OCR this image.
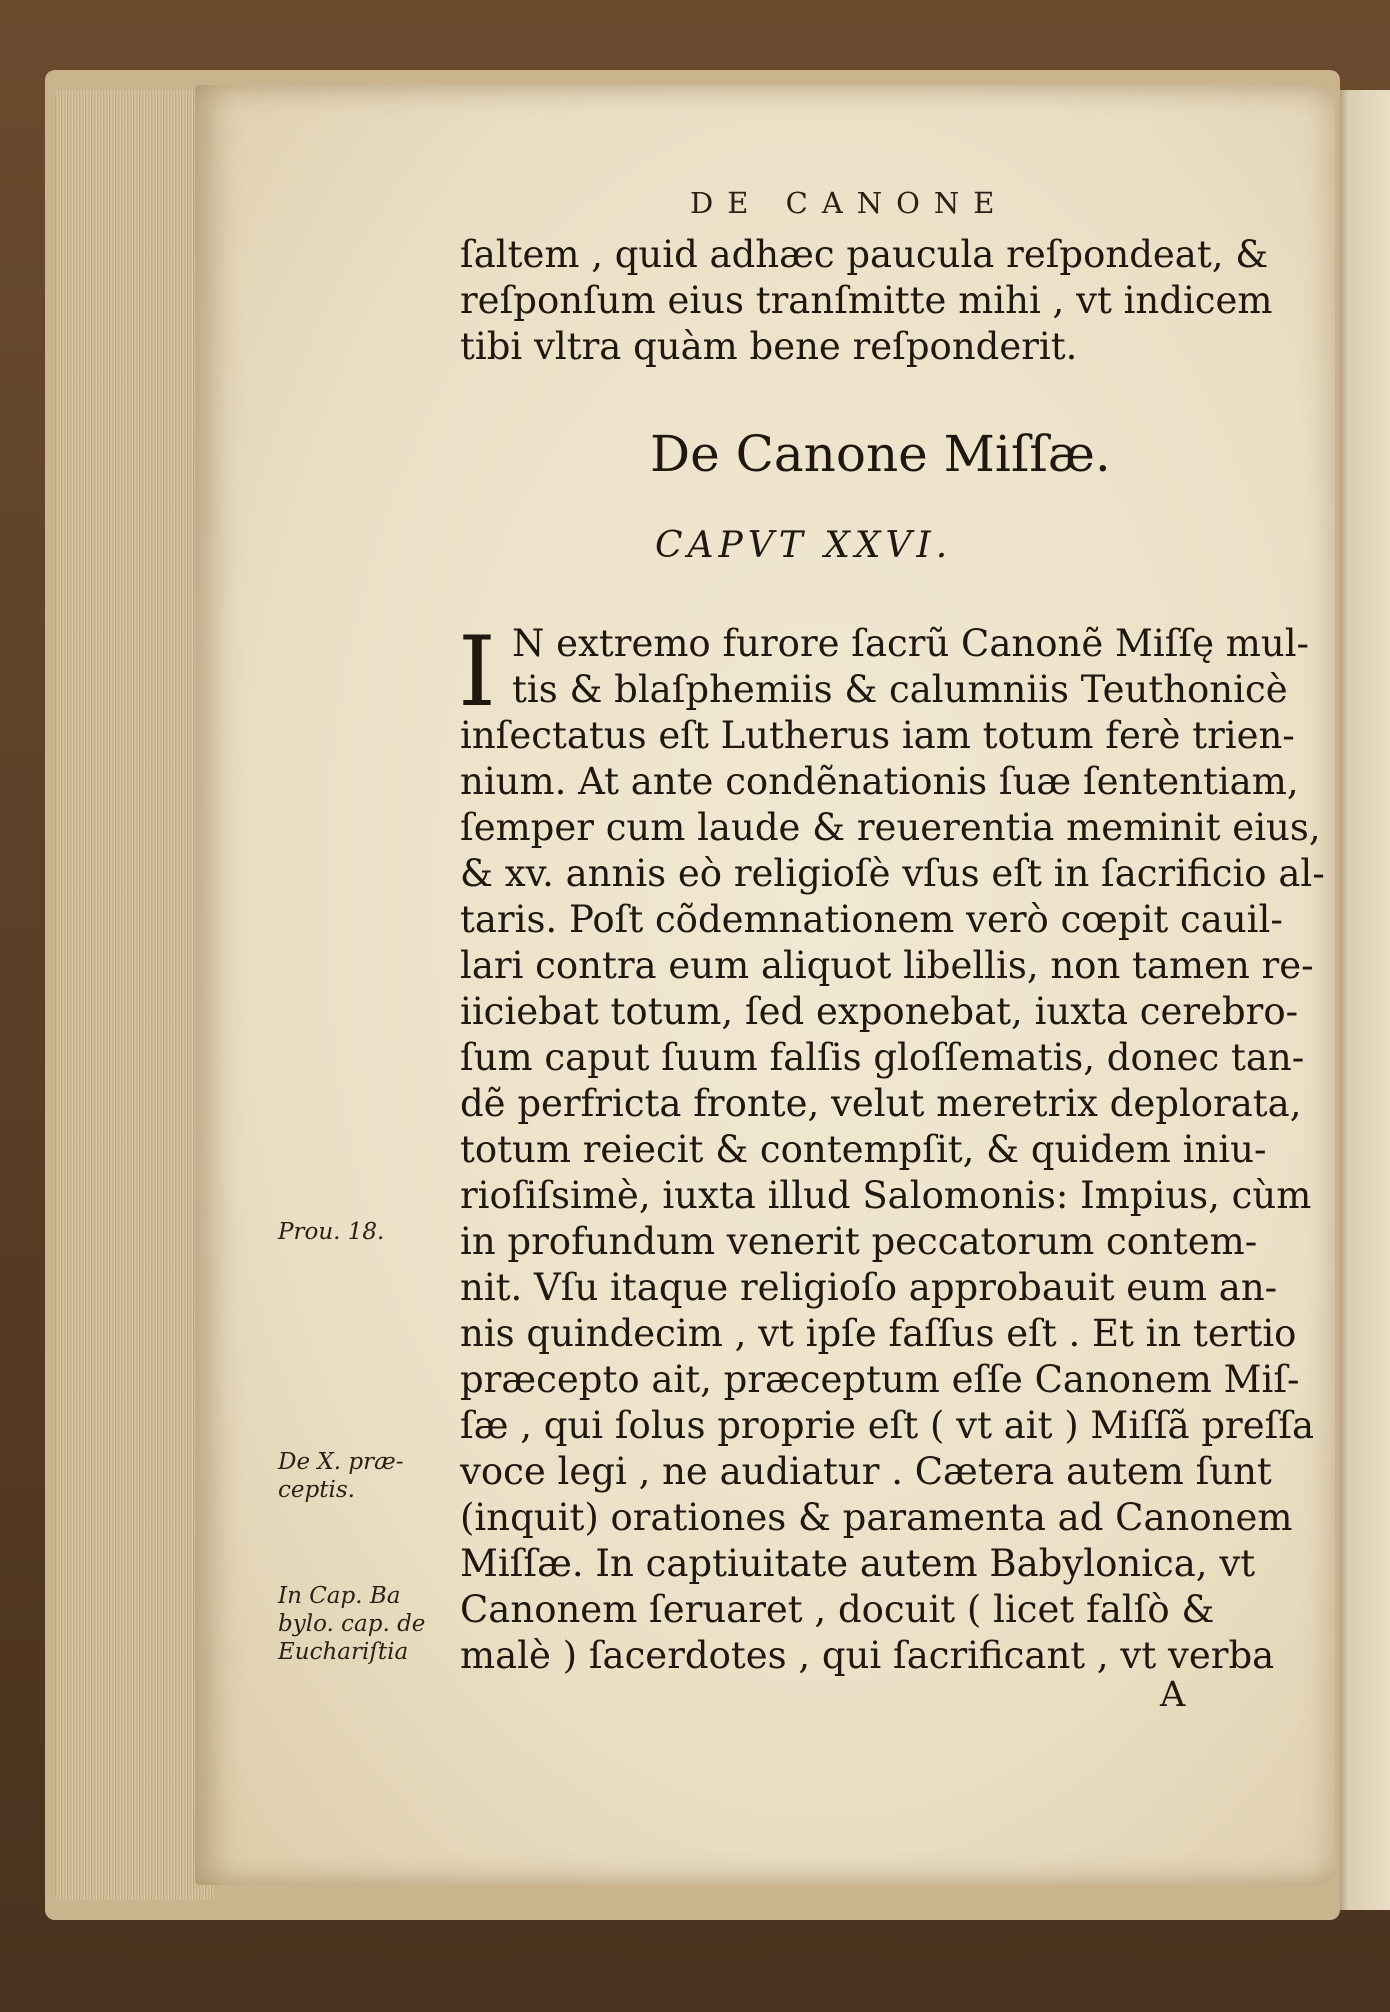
DE CANONE
ſaltem , quid adhæc paucula reſpondeat, &
reſponſum eius tranſmitte mihi , vt indicem
tibi vltra quàm bene reſponderit.
De Canone Miſſæ.
CAPVT XXVI.
I N extremo furore ſacrũ Canonẽ Miſſę mul-
tis & blaſphemiis & calumniis Teuthonicè
inſectatus eſt Lutherus iam totum ferè trien-
nium. At ante condẽnationis ſuæ ſententiam,
ſemper cum laude & reuerentia meminit eius,
& xv. annis eò religioſè vſus eſt in ſacrificio al-
taris. Poſt cõdemnationem verò cœpit cauil-
lari contra eum aliquot libellis, non tamen re-
iiciebat totum, ſed exponebat, iuxta cerebro-
ſum caput ſuum falſis gloſſematis, donec tan-
dẽ perfricta fronte, velut meretrix deplorata,
totum reiecit & contempſit, & quidem iniu-
rioſiſsimè, iuxta illud Salomonis: Impius, cùm
in profundum venerit peccatorum contem-
nit. Vſu itaque religioſo approbauit eum an-
nis quindecim , vt ipſe faſſus eſt . Et in tertio
præcepto ait, præceptum eſſe Canonem Miſ-
ſæ , qui ſolus proprie eſt ( vt ait ) Miſſã preſſa
voce legi , ne audiatur . Cætera autem ſunt
(inquit) orationes & paramenta ad Canonem
Miſſæ. In captiuitate autem Babylonica, vt
Canonem ſeruaret , docuit ( licet falſò &
malè ) ſacerdotes , qui ſacrificant , vt verba
Prou. 18.
De X. præ-
ceptis.
In Cap. Ba
bylo. cap. de
Euchariſtia
A
